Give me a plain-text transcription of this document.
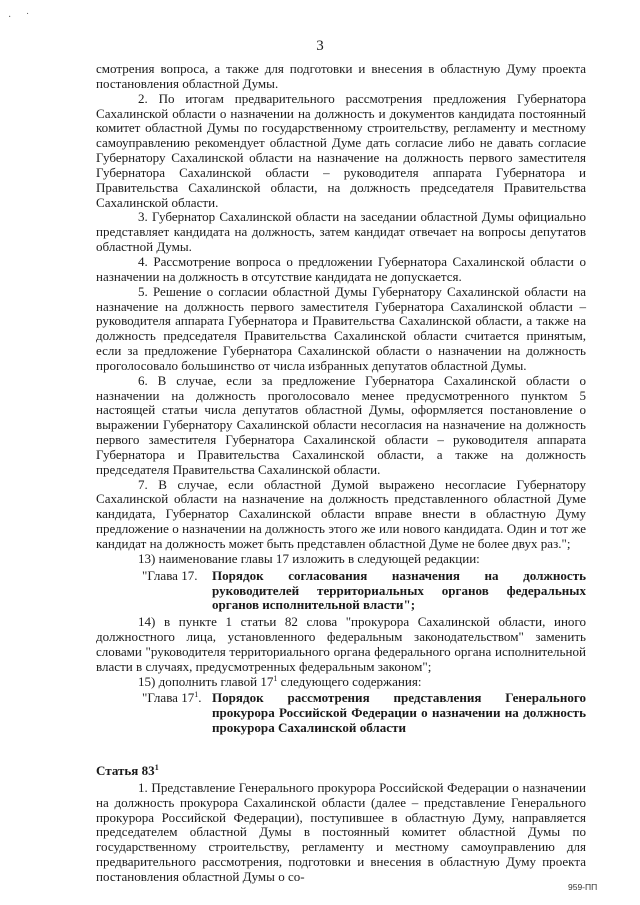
· ˙
3

смотрения вопроса, а также для подготовки и внесения в областную Думу проекта постановления областной Думы.

2. По итогам предварительного рассмотрения предложения Губернатора Сахалинской области о назначении на должность и документов кандидата постоянный комитет областной Думы по государственному строительству, регламенту и местному самоуправлению рекомендует областной Думе дать согласие либо не давать согласие Губернатору Сахалинской области на назначение на должность первого заместителя Губернатора Сахалинской области – руководителя аппарата Губернатора и Правительства Сахалинской области, на должность председателя Правительства Сахалинской области.

3. Губернатор Сахалинской области на заседании областной Думы официально представляет кандидата на должность, затем кандидат отвечает на вопросы депутатов областной Думы.

4. Рассмотрение вопроса о предложении Губернатора Сахалинской области о назначении на должность в отсутствие кандидата не допускается.

5. Решение о согласии областной Думы Губернатору Сахалинской области на назначение на должность первого заместителя Губернатора Сахалинской области – руководителя аппарата Губернатора и Правительства Сахалинской области, а также на должность председателя Правительства Сахалинской области считается принятым, если за предложение Губернатора Сахалинской области о назначении на должность проголосовало большинство от числа избранных депутатов областной Думы.

6. В случае, если за предложение Губернатора Сахалинской области о назначении на должность проголосовало менее предусмотренного пунктом 5 настоящей статьи числа депутатов областной Думы, оформляется постановление о выражении Губернатору Сахалинской области несогласия на назначение на должность первого заместителя Губернатора Сахалинской области – руководителя аппарата Губернатора и Правительства Сахалинской области, а также на должность председателя Правительства Сахалинской области.

7. В случае, если областной Думой выражено несогласие Губернатору Сахалинской области на назначение на должность представленного областной Думе кандидата, Губернатор Сахалинской области вправе внести в областную Думу предложение о назначении на должность этого же или нового кандидата. Один и тот же кандидат на должность может быть представлен областной Думе не более двух раз.";

13) наименование главы 17 изложить в следующей редакции:

"Глава 17.	Порядок согласования назначения на должность руководителей территориальных органов федеральных органов исполнительной власти";

14) в пункте 1 статьи 82 слова "прокурора Сахалинской области, иного должностного лица, установленного федеральным законодательством" заменить словами "руководителя территориального органа федерального органа исполнительной власти в случаях, предусмотренных федеральным законом";

15) дополнить главой $17^1$ следующего содержания:

"Глава $17^1$. Порядок рассмотрения представления Генерального прокурора Российской Федерации о назначении на должность прокурора Сахалинской области

Статья $83^1$

1. Представление Генерального прокурора Российской Федерации о назначении на должность прокурора Сахалинской области (далее – представление Генерального прокурора Российской Федерации), поступившее в областную Думу, направляется председателем областной Думы в постоянный комитет областной Думы по государственному строительству, регламенту и местному самоуправлению для предварительного рассмотрения, подготовки и внесения в областную Думу проекта постановления областной Думы о со-

959-ПП
